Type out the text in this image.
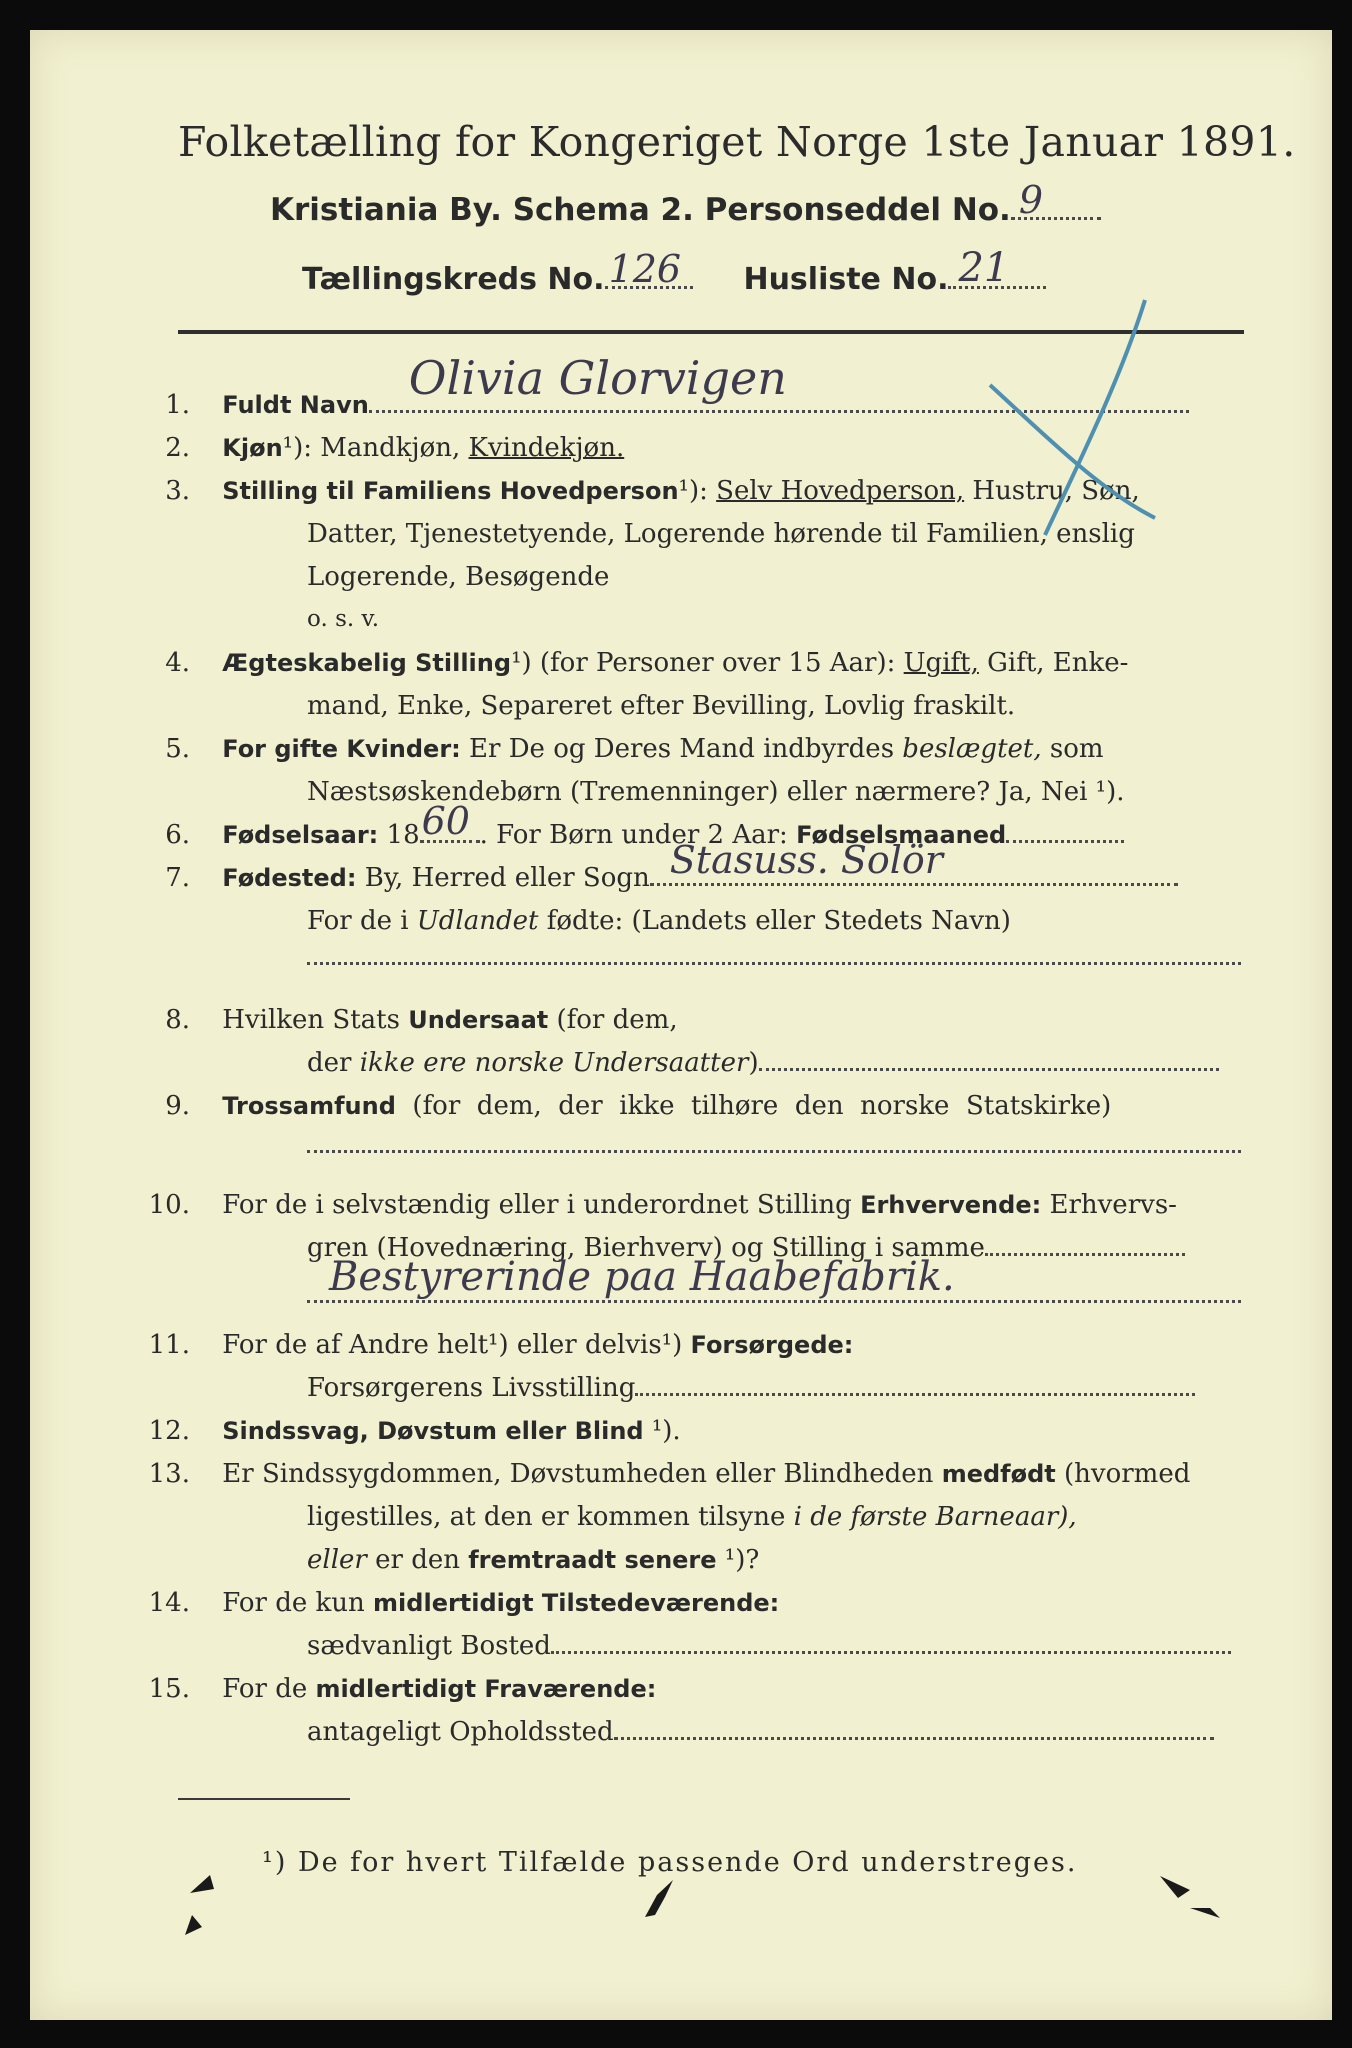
Folketælling for Kongeriget Norge 1ste Januar 1891.
Kristiania By. Schema 2. Personseddel No. 9
Tællingskreds No. 126 Husliste No. 21
1. Fuldt Navn Olivia Glorvigen
2. Kjøn¹): Mandkjøn, Kvindekjøn.
3. Stilling til Familiens Hovedperson¹): Selv Hovedperson, Hustru, Søn,
Datter, Tjenestetyende, Logerende hørende til Familien, enslig
Logerende, Besøgende
o. s. v.
4. Ægteskabelig Stilling¹) (for Personer over 15 Aar): Ugift, Gift, Enke-
mand, Enke, Separeret efter Bevilling, Lovlig fraskilt.
5. For gifte Kvinder: Er De og Deres Mand indbyrdes beslægtet, som
Næstsøskendebørn (Tremenninger) eller nærmere? Ja, Nei ¹).
6. Fødselsaar: 18 60 . For Børn under 2 Aar: Fødselsmaaned
7. Fødested: By, Herred eller Sogn Stasuss. Solör
For de i Udlandet fødte: (Landets eller Stedets Navn)
8. Hvilken Stats Undersaat (for dem,
der ikke ere norske Undersaatter)
9. Trossamfund  (for  dem,  der  ikke  tilhøre  den  norske  Statskirke)
10. For de i selvstændig eller i underordnet Stilling Erhvervende: Erhvervs-
gren (Hovednæring, Bierhverv) og Stilling i samme
Bestyrerinde paa Haabefabrik.
11. For de af Andre helt¹) eller delvis¹) Forsørgede:
Forsørgerens Livsstilling
12. Sindssvag, Døvstum eller Blind ¹).
13. Er Sindssygdommen, Døvstumheden eller Blindheden medfødt (hvormed
ligestilles, at den er kommen tilsyne i de første Barneaar),
eller er den fremtraadt senere ¹)?
14. For de kun midlertidigt Tilstedeværende:
sædvanligt Bosted
15. For de midlertidigt Fraværende:
antageligt Opholdssted
¹) De for hvert Tilfælde passende Ord understreges.
